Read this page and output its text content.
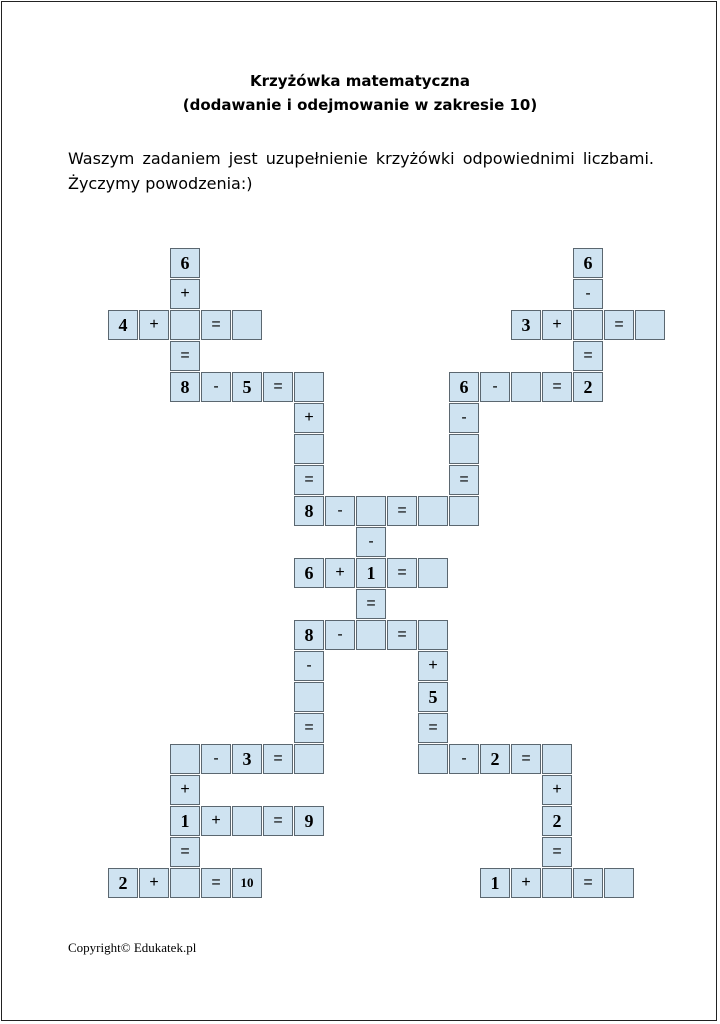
Krzyżówka matematyczna
(dodawanie i odejmowanie w zakresie 10)
Waszym zadaniem jest uzupełnienie krzyżówki odpowiednimi liczbami. Życzymy powodzenia:)
6
+
4	+	=
=
8	-	5	=
+
=
8	-	=
-
6	+	1	=
=
8	-	=
-
=
-	3	=
+
1	+	=	9
=
2	+	=	10
6
-
3	+	=
=
6	-	=	2
-
=
+
5
=
-	2	=
+
2
=
1	+	=
Copyright© Edukatek.pl
